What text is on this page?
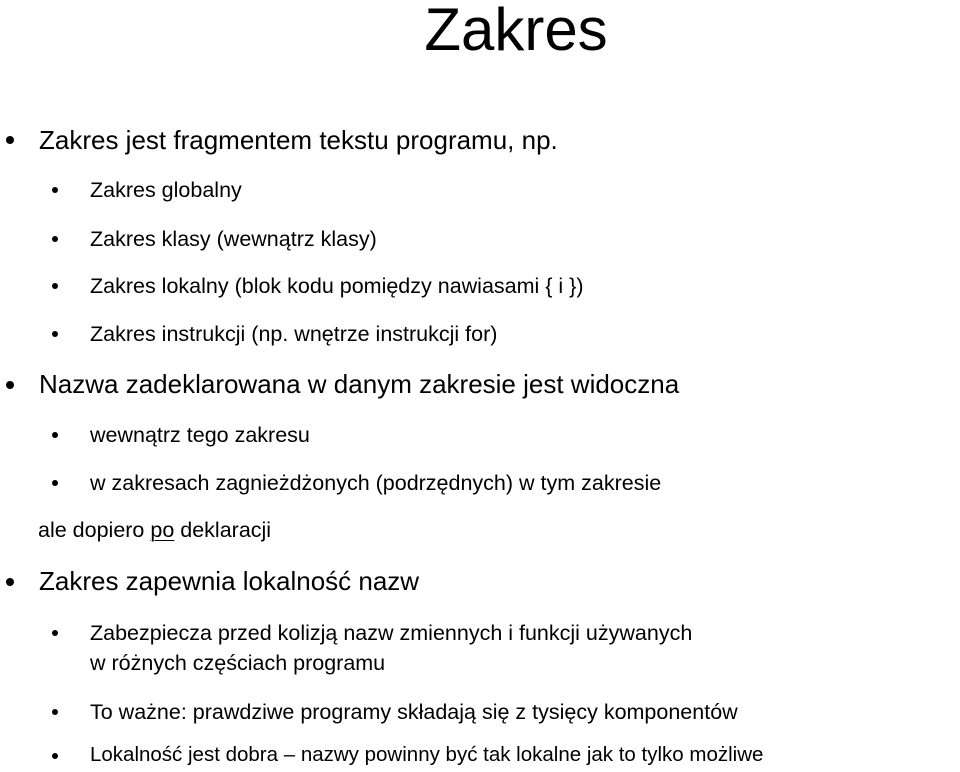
Zakres
Zakres jest fragmentem tekstu programu, np.
Zakres globalny
Zakres klasy (wewnątrz klasy)
Zakres lokalny (blok kodu pomiędzy nawiasami { i })
Zakres instrukcji (np. wnętrze instrukcji for)
Nazwa zadeklarowana w danym zakresie jest widoczna
wewnątrz tego zakresu
w zakresach zagnieżdżonych (podrzędnych) w tym zakresie
ale dopiero po deklaracji
Zakres zapewnia lokalność nazw
Zabezpiecza przed kolizją nazw zmiennych i funkcji używanych
w różnych częściach programu
To ważne: prawdziwe programy składają się z tysięcy komponentów
Lokalność jest dobra – nazwy powinny być tak lokalne jak to tylko możliwe
